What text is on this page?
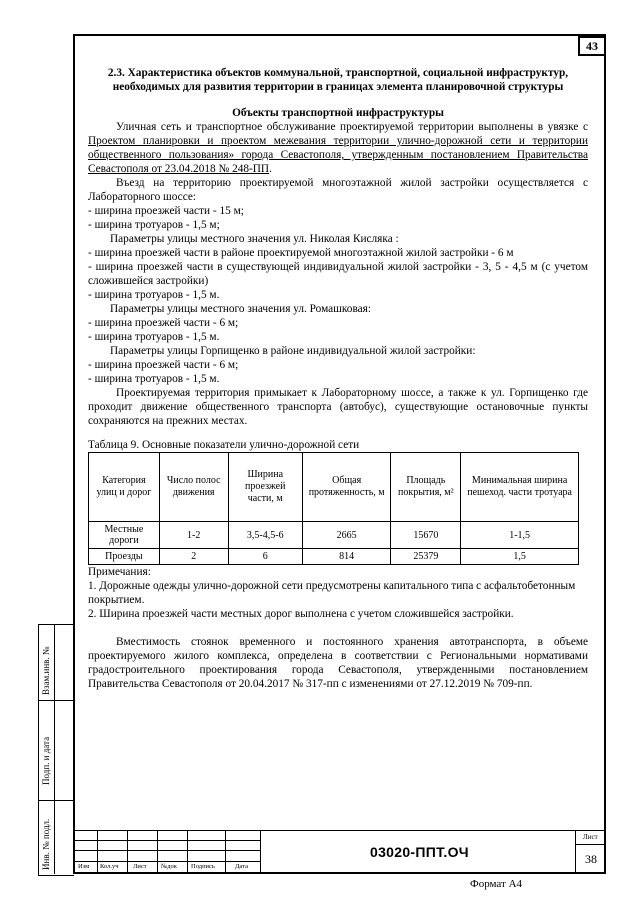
43
2.3. Характеристика объектов коммунальной, транспортной, социальной инфраструктур, необходимых для развития территории в границах элемента планировочной структуры

Объекты транспортной инфраструктуры

Уличная сеть и транспортное обслуживание проектируемой территории выполнены в увязке с Проектом планировки и проектом межевания территории улично-дорожной сети и территории общественного пользования» города Севастополя, утвержденным постановлением Правительства Севастополя от 23.04.2018 № 248-ПП.

Въезд на территорию проектируемой многоэтажной жилой застройки осуществляется с Лабораторного шоссе:

- ширина проезжей части - 15 м;

- ширина тротуаров - 1,5 м;

Параметры улицы местного значения ул. Николая Кисляка :

- ширина проезжей части в районе проектируемой многоэтажной жилой застройки - 6 м

- ширина проезжей части в существующей индивидуальной жилой застройки - 3, 5 - 4,5 м (с учетом сложившейся застройки)

- ширина тротуаров - 1,5 м.

Параметры улицы местного значения ул. Ромашковая:

- ширина проезжей части - 6 м;

- ширина тротуаров - 1,5 м.

Параметры улицы Горпищенко в районе индивидуальной жилой застройки:

- ширина проезжей части - 6 м;

- ширина тротуаров - 1,5 м.

Проектируемая территория примыкает к Лабораторному шоссе, а также к ул. Горпищенко где проходит движение общественного транспорта (автобус), существующие остановочные пункты сохраняются на прежних местах.

Таблица 9. Основные показатели улично-дорожной сети

Категория улиц и дорог	Число полос движения	Ширина проезжей части, м	Общая протяженность, м	Площадь покрытия, м²	Минимальная ширина пешеход. части тротуара
Местные дороги	1-2	3,5-4,5-6	2665	15670	1-1,5
Проезды	2	6	814	25379	1,5

Примечания:

1. Дорожные одежды улично-дорожной сети предусмотрены капитального типа с асфальтобетонным покрытием.

2. Ширина проезжей части местных дорог выполнена с учетом сложившейся застройки.

Вместимость стоянок временного и постоянного хранения автотранспорта, в объеме проектируемого жилого комплекса, определена в соответствии с Региональными нормативами градостроительного проектирования города Севастополя, утвержденными постановлением Правительства Севастополя от 20.04.2017 № 317-пп с изменениями от 27.12.2019 № 709-пп.

Взам.инв. №
Подп. и дата
Инв. № подл.	Изм Кол.уч Лист №док Подпись	Дата
03020-ППТ.ОЧ
Лист
38
Формат А4
